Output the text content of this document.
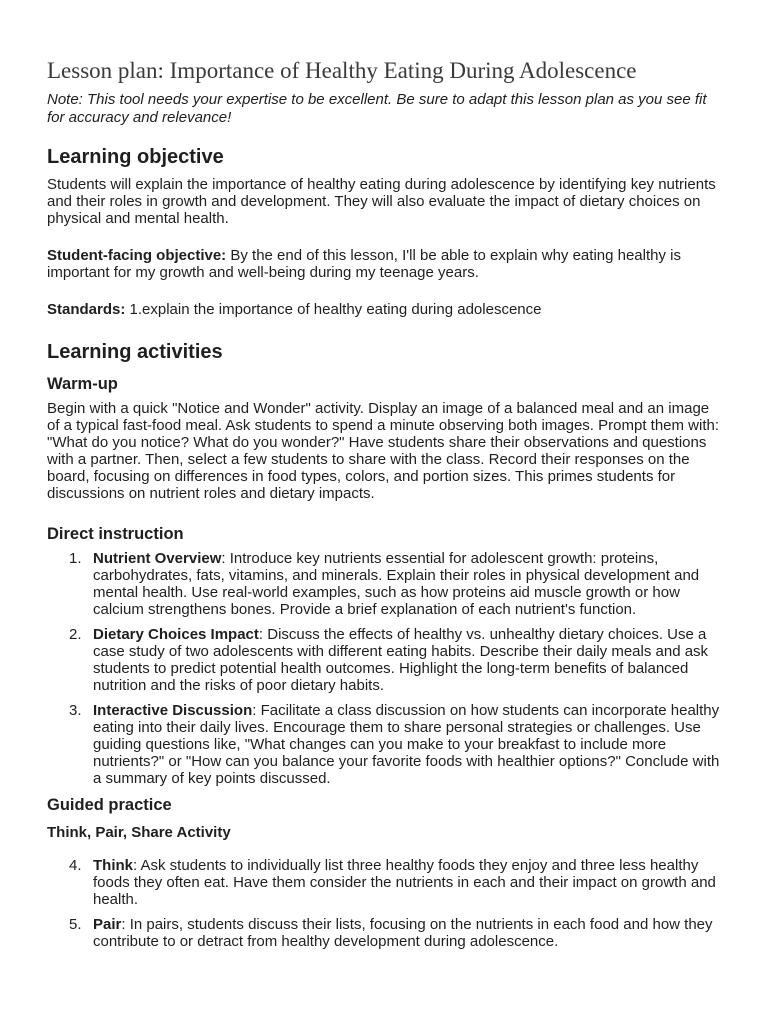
Lesson plan: Importance of Healthy Eating During Adolescence

Note: This tool needs your expertise to be excellent. Be sure to adapt this lesson plan as you see fit for accuracy and relevance!

Learning objective

Students will explain the importance of healthy eating during adolescence by identifying key nutrients and their roles in growth and development. They will also evaluate the impact of dietary choices on physical and mental health.

Student-facing objective: By the end of this lesson, I'll be able to explain why eating healthy is important for my growth and well-being during my teenage years.

Standards: 1.explain the importance of healthy eating during adolescence

Learning activities
Warm-up

Begin with a quick "Notice and Wonder" activity. Display an image of a balanced meal and an image of a typical fast-food meal. Ask students to spend a minute observing both images. Prompt them with: "What do you notice? What do you wonder?" Have students share their observations and questions with a partner. Then, select a few students to share with the class. Record their responses on the board, focusing on differences in food types, colors, and portion sizes. This primes students for discussions on nutrient roles and dietary impacts.

Direct instruction
1. Nutrient Overview: Introduce key nutrients essential for adolescent growth: proteins, carbohydrates, fats, vitamins, and minerals. Explain their roles in physical development and mental health. Use real-world examples, such as how proteins aid muscle growth or how calcium strengthens bones. Provide a brief explanation of each nutrient's function.
2. Dietary Choices Impact: Discuss the effects of healthy vs. unhealthy dietary choices. Use a case study of two adolescents with different eating habits. Describe their daily meals and ask students to predict potential health outcomes. Highlight the long-term benefits of balanced nutrition and the risks of poor dietary habits.
3. Interactive Discussion: Facilitate a class discussion on how students can incorporate healthy eating into their daily lives. Encourage them to share personal strategies or challenges. Use guiding questions like, "What changes can you make to your breakfast to include more nutrients?" or "How can you balance your favorite foods with healthier options?" Conclude with a summary of key points discussed.
Guided practice
Think, Pair, Share Activity
4. Think: Ask students to individually list three healthy foods they enjoy and three less healthy foods they often eat. Have them consider the nutrients in each and their impact on growth and health.
5. Pair: In pairs, students discuss their lists, focusing on the nutrients in each food and how they contribute to or detract from healthy development during adolescence.
